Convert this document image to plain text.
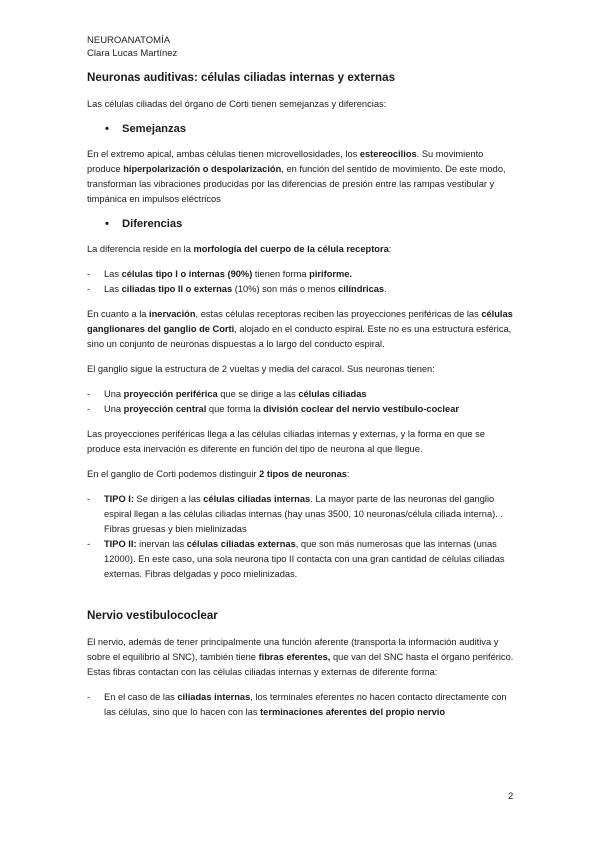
NEUROANATOMÍA
Clara Lucas Martínez
Neuronas auditivas: células ciliadas internas y externas

Las células ciliadas del órgano de Corti tienen semejanzas y diferencias:

•	Semejanzas

En el extremo apical, ambas células tienen microvellosidades, los estereocilios. Su movimiento produce hiperpolarización o despolarización, en función del sentido de movimiento. De este modo, transforman las vibraciones producidas por las diferencias de presión entre las rampas vestibular y timpánica en impulsos eléctricos

•	Diferencias

La diferencia reside en la morfología del cuerpo de la célula receptora:

- Las células tipo I o internas (90%) tienen forma piriforme.
- Las ciliadas tipo II o externas (10%) son más o menos cilíndricas.

En cuanto a la inervación, estas células receptoras reciben las proyecciones periféricas de las células ganglionares del ganglio de Corti, alojado en el conducto espiral. Este no es una estructura esférica, sino un conjunto de neuronas dispuestas a lo largo del conducto espiral.

El ganglio sigue la estructura de 2 vueltas y media del caracol. Sus neuronas tienen:

- Una proyección periférica que se dirige a las células ciliadas
- Una proyección central que forma la división coclear del nervio vestíbulo-coclear

Las proyecciones periféricas llega a las células ciliadas internas y externas, y la forma en que se produce esta inervación es diferente en función del tipo de neurona al que llegue.

En el ganglio de Corti podemos distinguir 2 tipos de neuronas:

- TIPO I: Se dirigen a las células ciliadas internas. La mayor parte de las neuronas del ganglio espiral llegan a las células ciliadas internas (hay unas 3500, 10 neuronas/célula ciliada interna). . Fibras gruesas y bien mielinizadas
- TIPO II: inervan las células ciliadas externas, que son más numerosas que las internas (unas 12000). En este caso, una sola neurona tipo II contacta con una gran cantidad de células ciliadas externas. Fibras delgadas y poco mielinizadas.
Nervio vestibulococlear

El nervio, además de tener principalmente una función aferente (transporta la información auditiva y sobre el equilibrio al SNC), también tiene fibras eferentes, que van del SNC hasta el órgano periférico. Estas fibras contactan con las células ciliadas internas y externas de diferente forma:

- En el caso de las ciliadas internas, los terminales eferentes no hacen contacto directamente con las células, sino que lo hacen con las terminaciones aferentes del propio nervio
2
